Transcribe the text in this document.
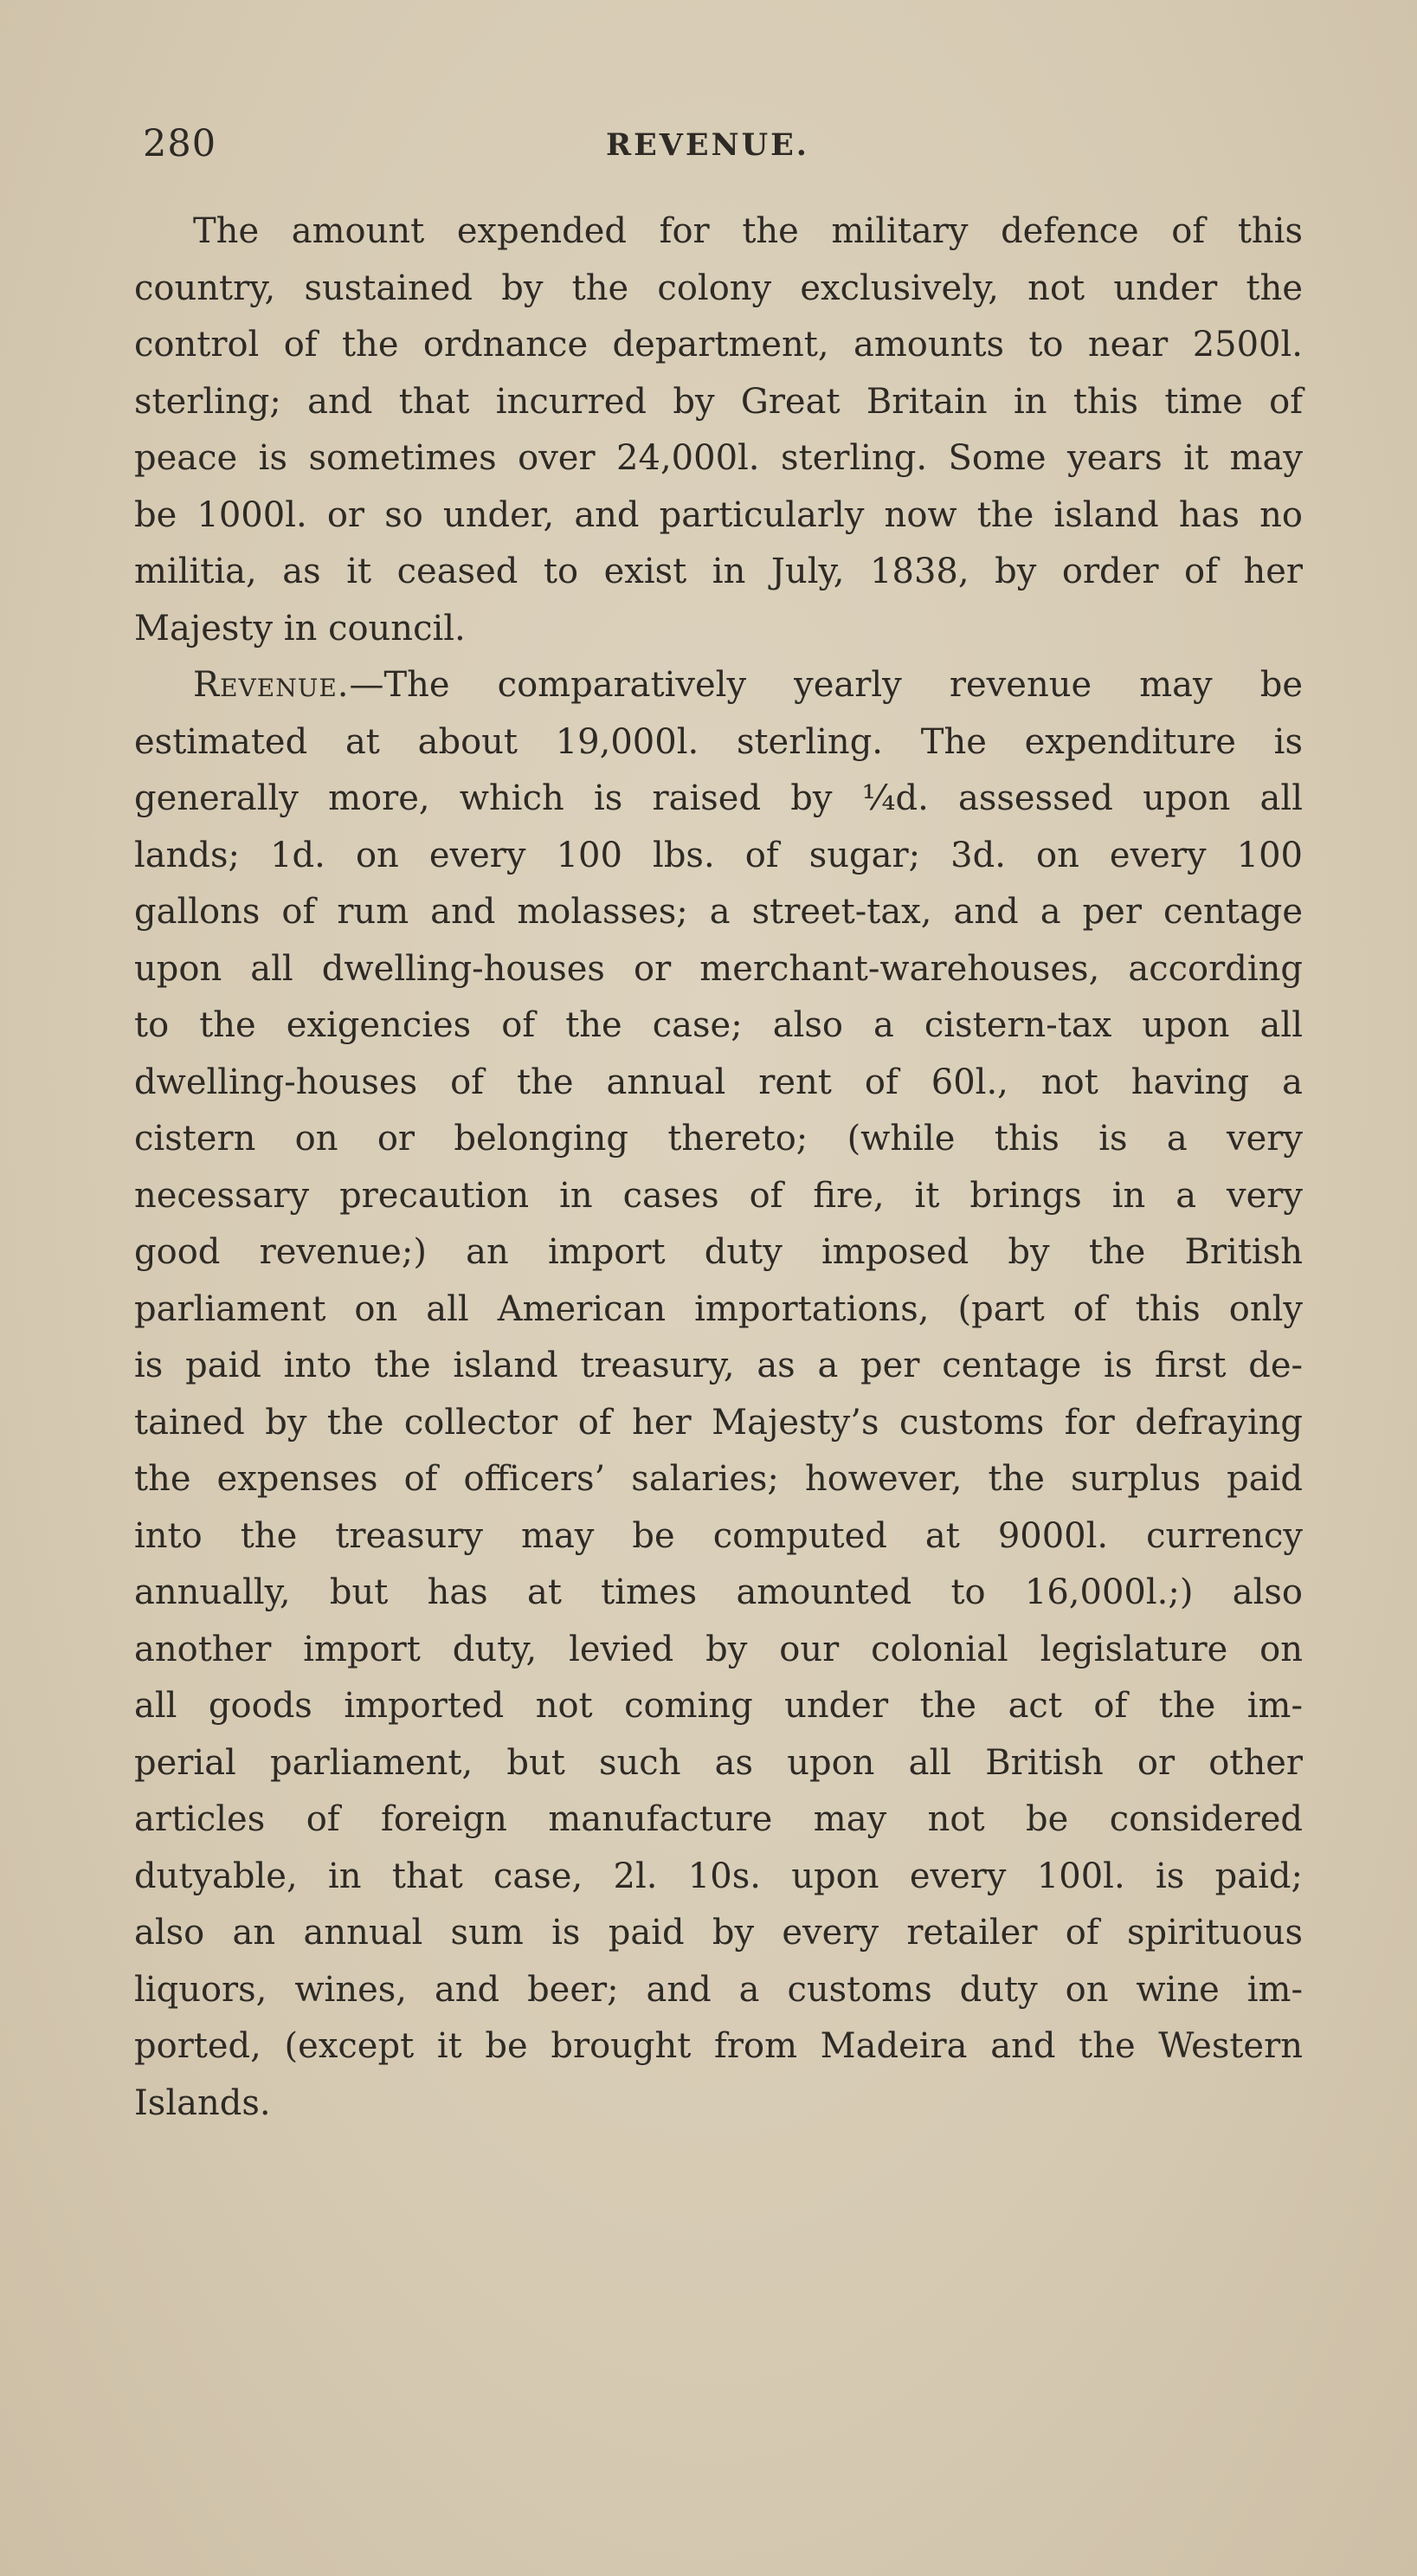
280	REVENUE.
The amount expended for the military defence of this
country, sustained by the colony exclusively, not under the
control of the ordnance department, amounts to near 2500l.
sterling; and that incurred by Great Britain in this time of
peace is sometimes over 24,000l. sterling. Some years it may
be 1000l. or so under, and particularly now the island has no
militia, as it ceased to exist in July, 1838, by order of her
Majesty in council.
Revenue.—The comparatively yearly revenue may be
estimated at about 19,000l. sterling. The expenditure is
generally more, which is raised by ¼d. assessed upon all
lands; 1d. on every 100 lbs. of sugar; 3d. on every 100
gallons of rum and molasses; a street-tax, and a per centage
upon all dwelling-houses or merchant-warehouses, according
to the exigencies of the case; also a cistern-tax upon all
dwelling-houses of the annual rent of 60l., not having a
cistern on or belonging thereto; (while this is a very
necessary precaution in cases of fire, it brings in a very
good revenue;) an import duty imposed by the British
parliament on all American importations, (part of this only
is paid into the island treasury, as a per centage is first de-
tained by the collector of her Majesty’s customs for defraying
the expenses of officers’ salaries; however, the surplus paid
into the treasury may be computed at 9000l. currency
annually, but has at times amounted to 16,000l.;) also
another import duty, levied by our colonial legislature on
all goods imported not coming under the act of the im-
perial parliament, but such as upon all British or other
articles of foreign manufacture may not be considered
dutyable, in that case, 2l. 10s. upon every 100l. is paid;
also an annual sum is paid by every retailer of spirituous
liquors, wines, and beer; and a customs duty on wine im-
ported, (except it be brought from Madeira and the Western
Islands.
